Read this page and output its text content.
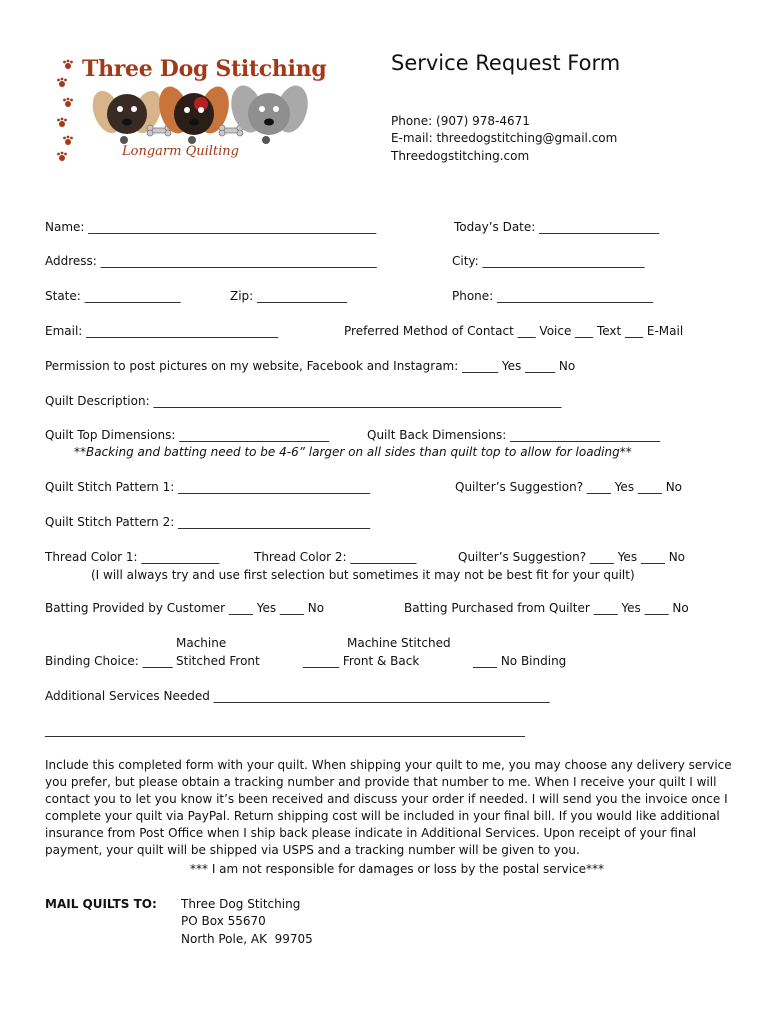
Three Dog Stitching
Longarm Quilting
Service Request Form
Phone: (907) 978-4671
E-mail: threedogstitching@gmail.com
Threedogstitching.com
Name: ________________________________________________	Today’s Date: ____________________
Address: ______________________________________________	City: ___________________________
State: ________________	Zip: _______________	Phone: __________________________
Email: ________________________________	Preferred Method of Contact ___ Voice ___ Text ___ E-Mail
Permission to post pictures on my website, Facebook and Instagram: ______ Yes _____ No
Quilt Description: ____________________________________________________________________
Quilt Top Dimensions: _________________________	Quilt Back Dimensions: _________________________
**Backing and batting need to be 4-6” larger on all sides than quilt top to allow for loading**
Quilt Stitch Pattern 1: ________________________________	Quilter’s Suggestion? ____ Yes ____ No
Quilt Stitch Pattern 2: ________________________________
Thread Color 1: _____________	Thread Color 2: ___________	Quilter’s Suggestion? ____ Yes ____ No
(I will always try and use first selection but sometimes it may not be best fit for your quilt)
Batting Provided by Customer ____ Yes ____ No	Batting Purchased from Quilter ____ Yes ____ No
Machine	Machine Stitched
Binding Choice: _____ Stitched Front	______ Front & Back	____ No Binding
Additional Services Needed ________________________________________________________
________________________________________________________________________________
Include this completed form with your quilt. When shipping your quilt to me, you may choose any delivery service you prefer, but please obtain a tracking number and provide that number to me. When I receive your quilt I will contact you to let you know it’s been received and discuss your order if needed. I will send you the invoice once I complete your quilt via PayPal. Return shipping cost will be included in your final bill. If you would like additional insurance from Post Office when I ship back please indicate in Additional Services. Upon receipt of your final payment, your quilt will be shipped via USPS and a tracking number will be given to you.
*** I am not responsible for damages or loss by the postal service***
MAIL QUILTS TO: Three Dog Stitching
PO Box 55670
North Pole, AK  99705
